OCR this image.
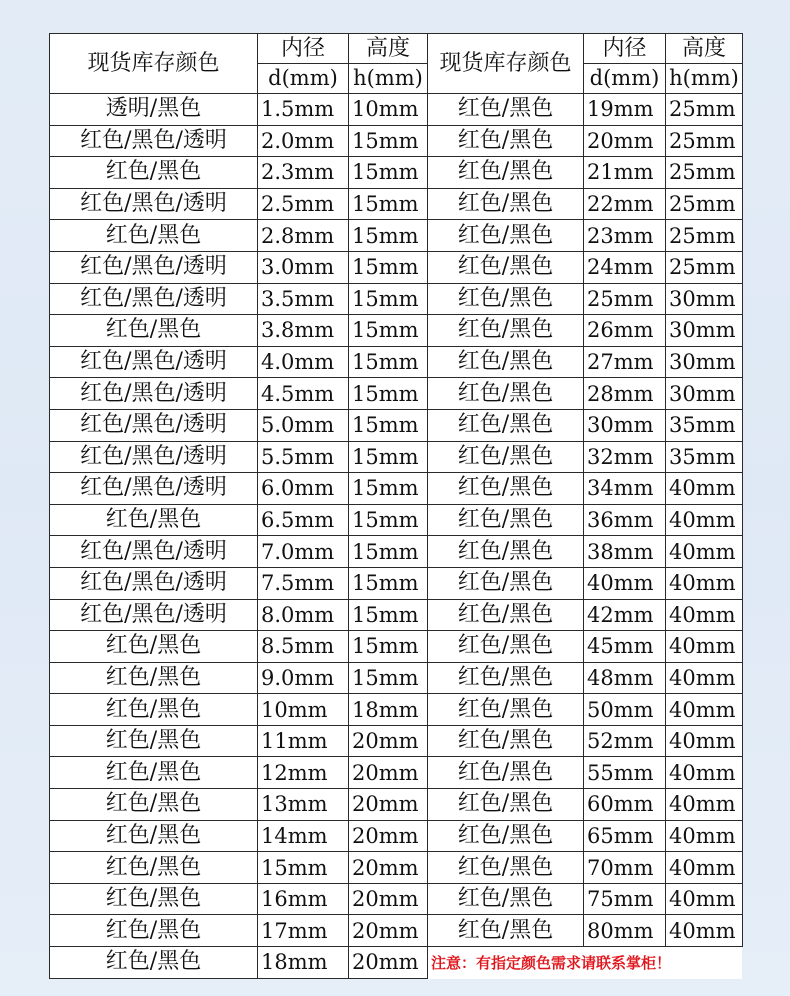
现货库存颜色	内径	高度	现货库存颜色	内径	高度
	d(mm)	h(mm)		d(mm)	h(mm)
透明/黑色	1.5mm	10mm	红色/黑色	19mm	25mm
红色/黑色/透明	2.0mm	15mm	红色/黑色	20mm	25mm
红色/黑色	2.3mm	15mm	红色/黑色	21mm	25mm
红色/黑色/透明	2.5mm	15mm	红色/黑色	22mm	25mm
红色/黑色	2.8mm	15mm	红色/黑色	23mm	25mm
红色/黑色/透明	3.0mm	15mm	红色/黑色	24mm	25mm
红色/黑色/透明	3.5mm	15mm	红色/黑色	25mm	30mm
红色/黑色	3.8mm	15mm	红色/黑色	26mm	30mm
红色/黑色/透明	4.0mm	15mm	红色/黑色	27mm	30mm
红色/黑色/透明	4.5mm	15mm	红色/黑色	28mm	30mm
红色/黑色/透明	5.0mm	15mm	红色/黑色	30mm	35mm
红色/黑色/透明	5.5mm	15mm	红色/黑色	32mm	35mm
红色/黑色/透明	6.0mm	15mm	红色/黑色	34mm	40mm
红色/黑色	6.5mm	15mm	红色/黑色	36mm	40mm
红色/黑色/透明	7.0mm	15mm	红色/黑色	38mm	40mm
红色/黑色/透明	7.5mm	15mm	红色/黑色	40mm	40mm
红色/黑色/透明	8.0mm	15mm	红色/黑色	42mm	40mm
红色/黑色	8.5mm	15mm	红色/黑色	45mm	40mm
红色/黑色	9.0mm	15mm	红色/黑色	48mm	40mm
红色/黑色	10mm	18mm	红色/黑色	50mm	40mm
红色/黑色	11mm	20mm	红色/黑色	52mm	40mm
红色/黑色	12mm	20mm	红色/黑色	55mm	40mm
红色/黑色	13mm	20mm	红色/黑色	60mm	40mm
红色/黑色	14mm	20mm	红色/黑色	65mm	40mm
红色/黑色	15mm	20mm	红色/黑色	70mm	40mm
红色/黑色	16mm	20mm	红色/黑色	75mm	40mm
红色/黑色	17mm	20mm	红色/黑色	80mm	40mm
红色/黑色	18mm	20mm	注意：有指定颜色需求请联系掌柜！		
